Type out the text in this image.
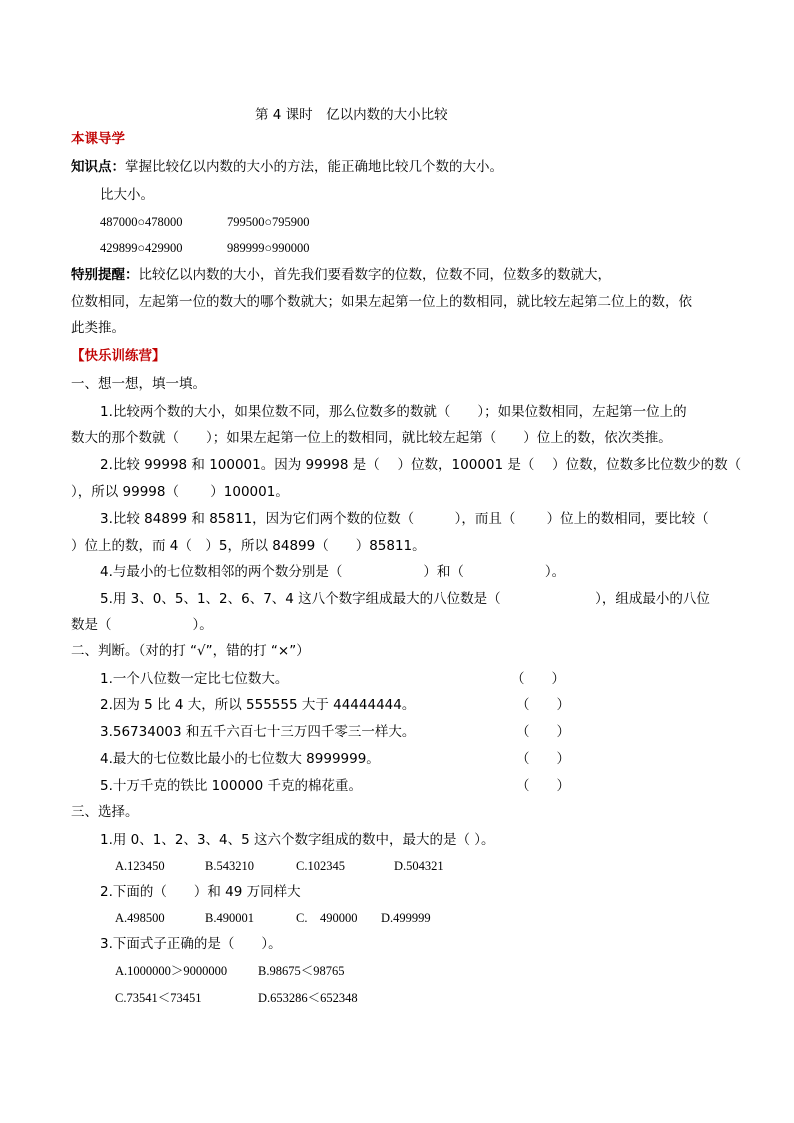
第 4 课时　亿以内数的大小比较
本课导学
知识点：掌握比较亿以内数的大小的方法，能正确地比较几个数的大小。
比大小。
487000○478000	799500○795900
429899○429900	989999○990000
特别提醒：比较亿以内数的大小，首先我们要看数字的位数，位数不同，位数多的数就大，
位数相同，左起第一位的数大的哪个数就大；如果左起第一位上的数相同，就比较左起第二位上的数，依
此类推。
【快乐训练营】
一、想一想，填一填。
1.比较两个数的大小，如果位数不同，那么位数多的数就（　　）；如果位数相同，左起第一位上的
数大的那个数就（　　）；如果左起第一位上的数相同，就比较左起第（　　）位上的数，依次类推。
2.比较 99998 和 100001。因为 99998 是（　 ）位数，100001 是（　 ）位数，位数多比位数少的数（
），所以 99998（　　 ）100001。
3.比较 84899 和 85811，因为它们两个数的位数（　　　），而且（　　 ）位上的数相同，要比较（
）位上的数，而 4（　）5，所以 84899（　　）85811。
4.与最小的七位数相邻的两个数分别是（　　　　　　）和（　　　　　　）。
5.用 3、0、5、1、2、6、7、4 这八个数字组成最大的八位数是（　　　　　　　），组成最小的八位
数是（　　　　　　）。
二、判断。（对的打 “√”，错的打 “×”）
1.一个八位数一定比七位数大。	（　　）
2.因为 5 比 4 大，所以 555555 大于 44444444。	（　　）
3.56734003 和五千六百七十三万四千零三一样大。	（　　）
4.最大的七位数比最小的七位数大 8999999。	（　　）
5.十万千克的铁比 100000 千克的棉花重。	（　　）
三、选择。
1.用 0、1、2、3、4、5 这六个数字组成的数中，最大的是（ ）。
A.123450	B.543210	C.102345	D.504321
2.下面的（　　）和 49 万同样大
A.498500	B.490001	C.　490000 D.499999
3.下面式子正确的是（　　）。
A.1000000＞9000000 B.98675＜98765
C.73541＜73451	D.653286＜652348
